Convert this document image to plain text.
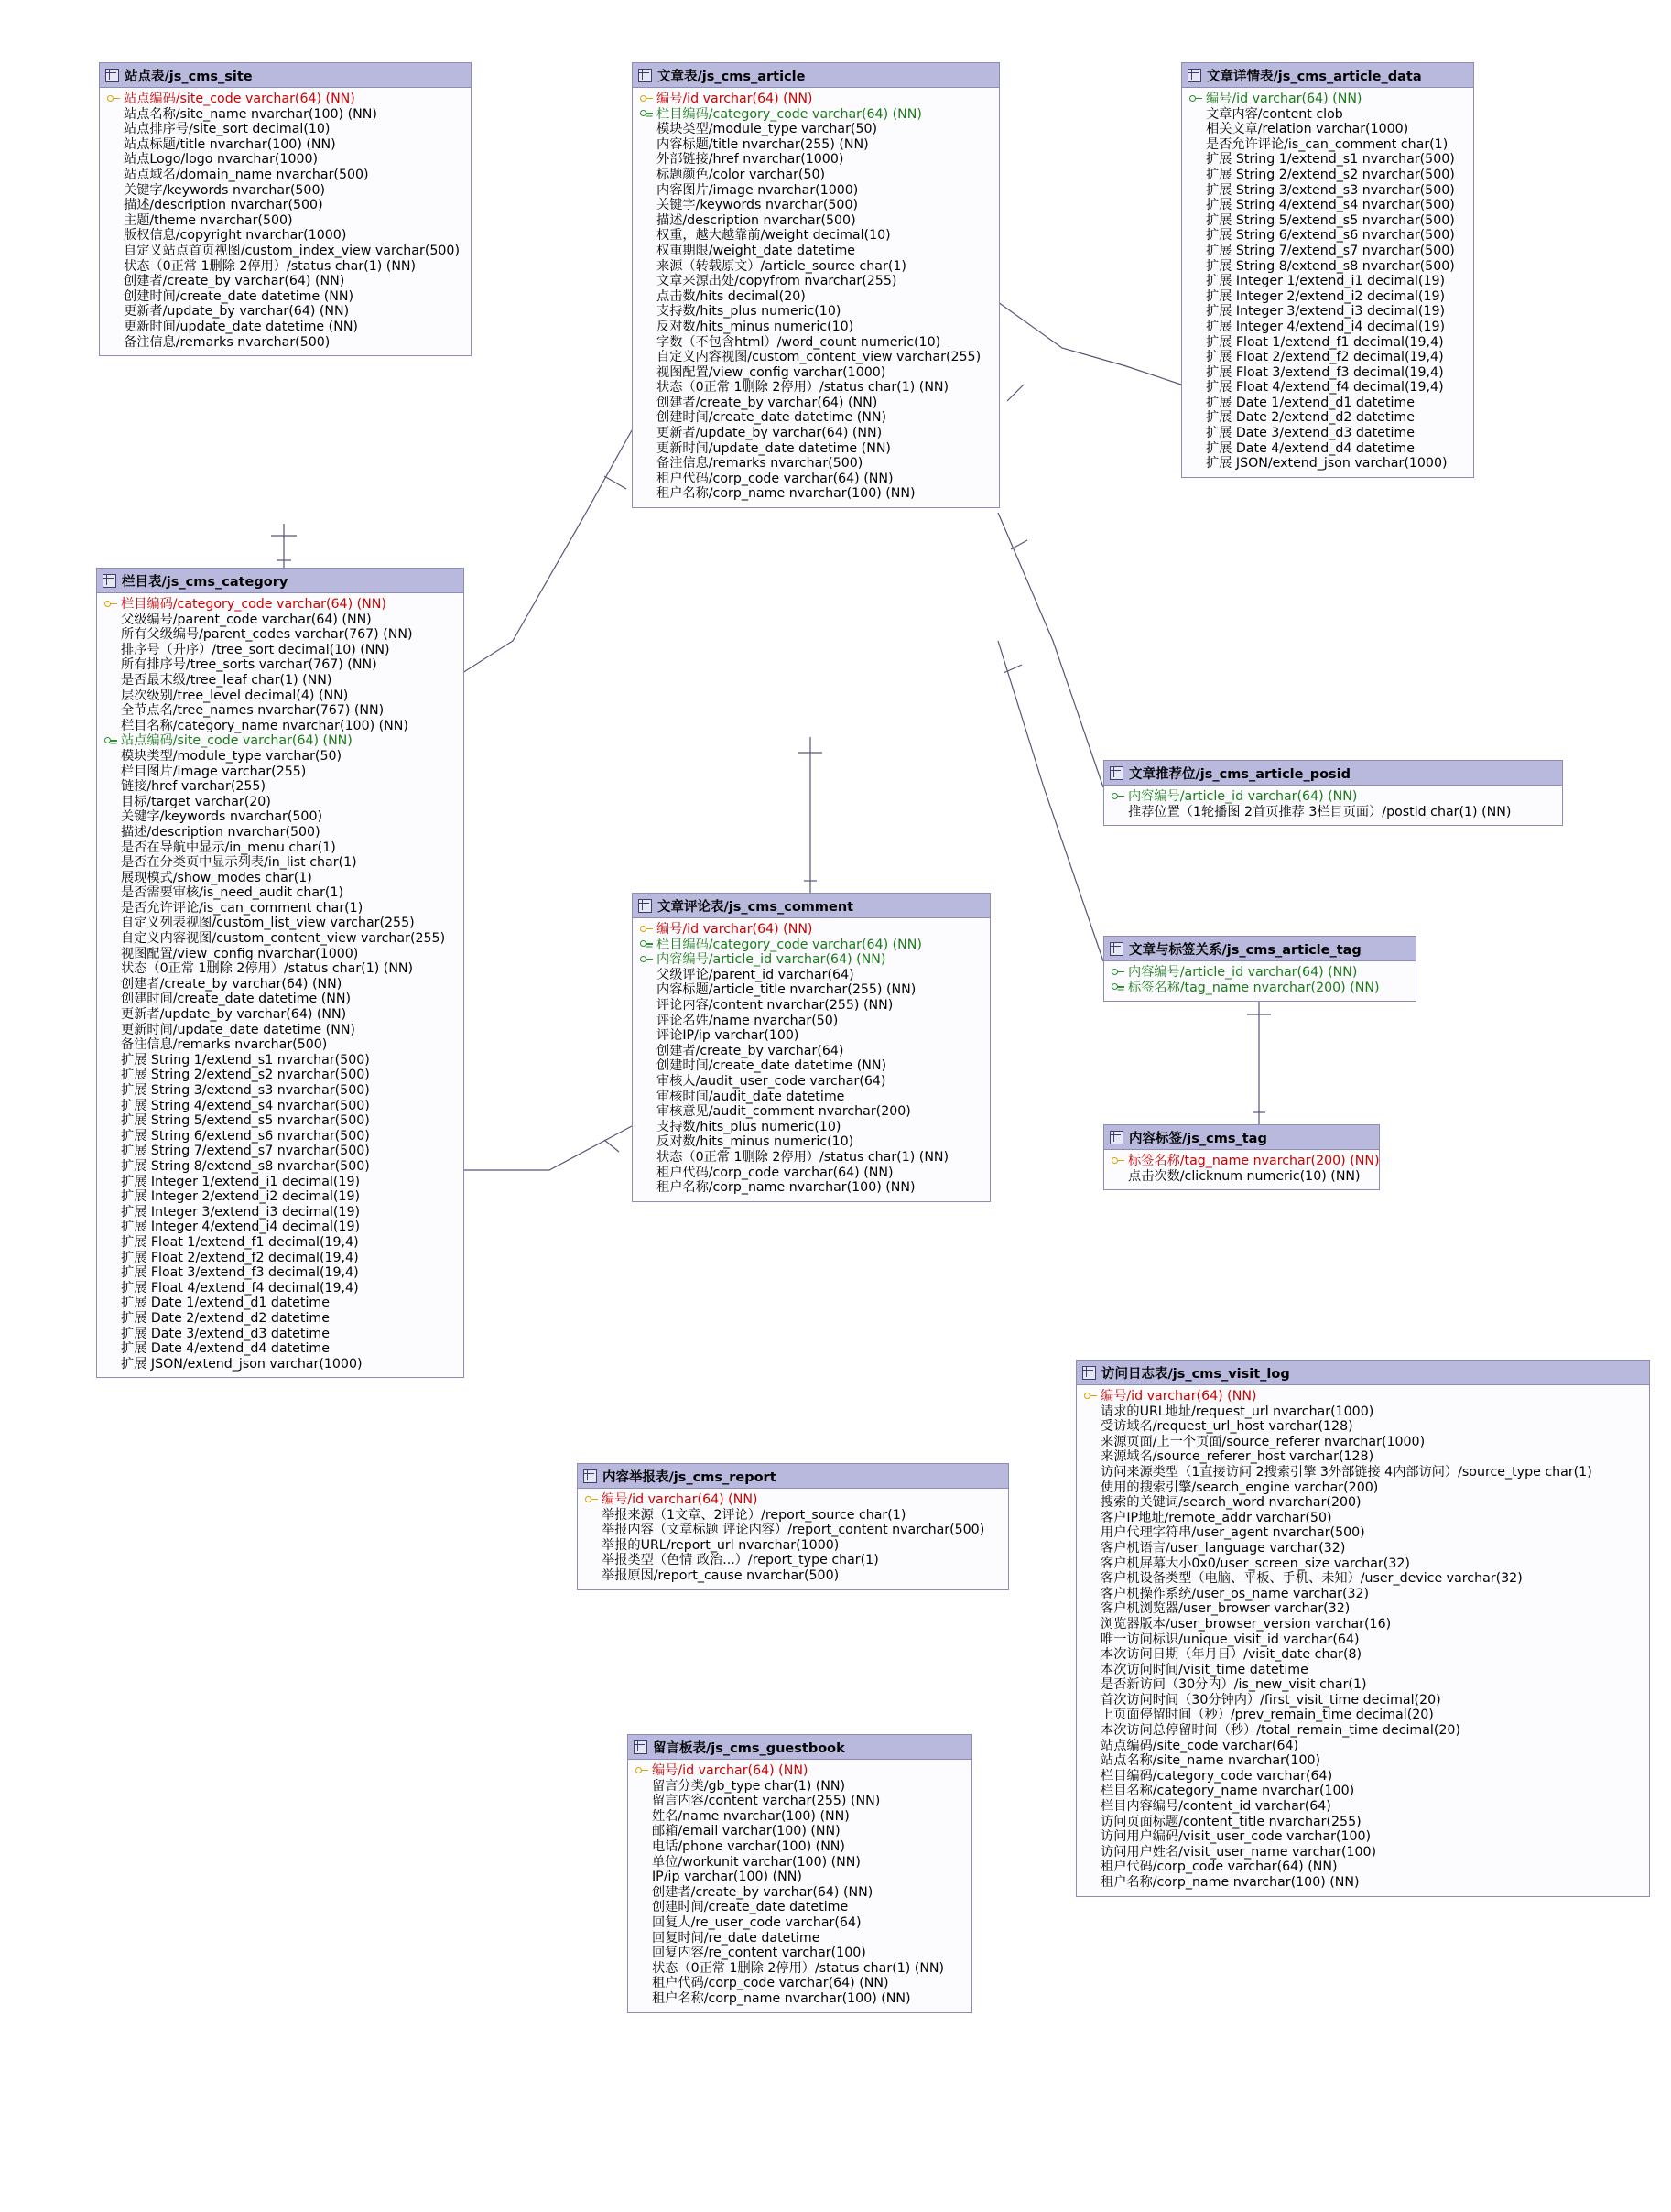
站点表/js_cms_site
站点编码/site_code varchar(64) (NN)
站点名称/site_name nvarchar(100) (NN)
站点排序号/site_sort decimal(10)
站点标题/title nvarchar(100) (NN)
站点Logo/logo nvarchar(1000)
站点域名/domain_name nvarchar(500)
关键字/keywords nvarchar(500)
描述/description nvarchar(500)
主题/theme nvarchar(500)
版权信息/copyright nvarchar(1000)
自定义站点首页视图/custom_index_view varchar(500)
状态（0正常 1删除 2停用）/status char(1) (NN)
创建者/create_by varchar(64) (NN)
创建时间/create_date datetime (NN)
更新者/update_by varchar(64) (NN)
更新时间/update_date datetime (NN)
备注信息/remarks nvarchar(500)
栏目表/js_cms_category
栏目编码/category_code varchar(64) (NN)
父级编号/parent_code varchar(64) (NN)
所有父级编号/parent_codes varchar(767) (NN)
排序号（升序）/tree_sort decimal(10) (NN)
所有排序号/tree_sorts varchar(767) (NN)
是否最末级/tree_leaf char(1) (NN)
层次级别/tree_level decimal(4) (NN)
全节点名/tree_names nvarchar(767) (NN)
栏目名称/category_name nvarchar(100) (NN)
站点编码/site_code varchar(64) (NN)
模块类型/module_type varchar(50)
栏目图片/image varchar(255)
链接/href varchar(255)
目标/target varchar(20)
关键字/keywords nvarchar(500)
描述/description nvarchar(500)
是否在导航中显示/in_menu char(1)
是否在分类页中显示列表/in_list char(1)
展现模式/show_modes char(1)
是否需要审核/is_need_audit char(1)
是否允许评论/is_can_comment char(1)
自定义列表视图/custom_list_view varchar(255)
自定义内容视图/custom_content_view varchar(255)
视图配置/view_config nvarchar(1000)
状态（0正常 1删除 2停用）/status char(1) (NN)
创建者/create_by varchar(64) (NN)
创建时间/create_date datetime (NN)
更新者/update_by varchar(64) (NN)
更新时间/update_date datetime (NN)
备注信息/remarks nvarchar(500)
扩展 String 1/extend_s1 nvarchar(500)
扩展 String 2/extend_s2 nvarchar(500)
扩展 String 3/extend_s3 nvarchar(500)
扩展 String 4/extend_s4 nvarchar(500)
扩展 String 5/extend_s5 nvarchar(500)
扩展 String 6/extend_s6 nvarchar(500)
扩展 String 7/extend_s7 nvarchar(500)
扩展 String 8/extend_s8 nvarchar(500)
扩展 Integer 1/extend_i1 decimal(19)
扩展 Integer 2/extend_i2 decimal(19)
扩展 Integer 3/extend_i3 decimal(19)
扩展 Integer 4/extend_i4 decimal(19)
扩展 Float 1/extend_f1 decimal(19,4)
扩展 Float 2/extend_f2 decimal(19,4)
扩展 Float 3/extend_f3 decimal(19,4)
扩展 Float 4/extend_f4 decimal(19,4)
扩展 Date 1/extend_d1 datetime
扩展 Date 2/extend_d2 datetime
扩展 Date 3/extend_d3 datetime
扩展 Date 4/extend_d4 datetime
扩展 JSON/extend_json varchar(1000)
文章表/js_cms_article
编号/id varchar(64) (NN)
栏目编码/category_code varchar(64) (NN)
模块类型/module_type varchar(50)
内容标题/title nvarchar(255) (NN)
外部链接/href nvarchar(1000)
标题颜色/color varchar(50)
内容图片/image nvarchar(1000)
关键字/keywords nvarchar(500)
描述/description nvarchar(500)
权重，越大越靠前/weight decimal(10)
权重期限/weight_date datetime
来源（转载原文）/article_source char(1)
文章来源出处/copyfrom nvarchar(255)
点击数/hits decimal(20)
支持数/hits_plus numeric(10)
反对数/hits_minus numeric(10)
字数（不包含html）/word_count numeric(10)
自定义内容视图/custom_content_view varchar(255)
视图配置/view_config varchar(1000)
状态（0正常 1删除 2停用）/status char(1) (NN)
创建者/create_by varchar(64) (NN)
创建时间/create_date datetime (NN)
更新者/update_by varchar(64) (NN)
更新时间/update_date datetime (NN)
备注信息/remarks nvarchar(500)
租户代码/corp_code varchar(64) (NN)
租户名称/corp_name nvarchar(100) (NN)
文章详情表/js_cms_article_data
编号/id varchar(64) (NN)
文章内容/content clob
相关文章/relation varchar(1000)
是否允许评论/is_can_comment char(1)
扩展 String 1/extend_s1 nvarchar(500)
扩展 String 2/extend_s2 nvarchar(500)
扩展 String 3/extend_s3 nvarchar(500)
扩展 String 4/extend_s4 nvarchar(500)
扩展 String 5/extend_s5 nvarchar(500)
扩展 String 6/extend_s6 nvarchar(500)
扩展 String 7/extend_s7 nvarchar(500)
扩展 String 8/extend_s8 nvarchar(500)
扩展 Integer 1/extend_i1 decimal(19)
扩展 Integer 2/extend_i2 decimal(19)
扩展 Integer 3/extend_i3 decimal(19)
扩展 Integer 4/extend_i4 decimal(19)
扩展 Float 1/extend_f1 decimal(19,4)
扩展 Float 2/extend_f2 decimal(19,4)
扩展 Float 3/extend_f3 decimal(19,4)
扩展 Float 4/extend_f4 decimal(19,4)
扩展 Date 1/extend_d1 datetime
扩展 Date 2/extend_d2 datetime
扩展 Date 3/extend_d3 datetime
扩展 Date 4/extend_d4 datetime
扩展 JSON/extend_json varchar(1000)
文章推荐位/js_cms_article_posid
内容编号/article_id varchar(64) (NN)
推荐位置（1轮播图 2首页推荐 3栏目页面）/postid char(1) (NN)
文章与标签关系/js_cms_article_tag
内容编号/article_id varchar(64) (NN)
标签名称/tag_name nvarchar(200) (NN)
内容标签/js_cms_tag
标签名称/tag_name nvarchar(200) (NN)
点击次数/clicknum numeric(10) (NN)
文章评论表/js_cms_comment
编号/id varchar(64) (NN)
栏目编码/category_code varchar(64) (NN)
内容编号/article_id varchar(64) (NN)
父级评论/parent_id varchar(64)
内容标题/article_title nvarchar(255) (NN)
评论内容/content nvarchar(255) (NN)
评论名姓/name nvarchar(50)
评论IP/ip varchar(100)
创建者/create_by varchar(64)
创建时间/create_date datetime (NN)
审核人/audit_user_code varchar(64)
审核时间/audit_date datetime
审核意见/audit_comment nvarchar(200)
支持数/hits_plus numeric(10)
反对数/hits_minus numeric(10)
状态（0正常 1删除 2停用）/status char(1) (NN)
租户代码/corp_code varchar(64) (NN)
租户名称/corp_name nvarchar(100) (NN)
内容举报表/js_cms_report
编号/id varchar(64) (NN)
举报来源（1文章、2评论）/report_source char(1)
举报内容（文章标题 评论内容）/report_content nvarchar(500)
举报的URL/report_url nvarchar(1000)
举报类型（色情 政治...）/report_type char(1)
举报原因/report_cause nvarchar(500)
留言板表/js_cms_guestbook
编号/id varchar(64) (NN)
留言分类/gb_type char(1) (NN)
留言内容/content varchar(255) (NN)
姓名/name nvarchar(100) (NN)
邮箱/email varchar(100) (NN)
电话/phone varchar(100) (NN)
单位/workunit varchar(100) (NN)
IP/ip varchar(100) (NN)
创建者/create_by varchar(64) (NN)
创建时间/create_date datetime
回复人/re_user_code varchar(64)
回复时间/re_date datetime
回复内容/re_content varchar(100)
状态（0正常 1删除 2停用）/status char(1) (NN)
租户代码/corp_code varchar(64) (NN)
租户名称/corp_name nvarchar(100) (NN)
访问日志表/js_cms_visit_log
编号/id varchar(64) (NN)
请求的URL地址/request_url nvarchar(1000)
受访域名/request_url_host varchar(128)
来源页面/上一个页面/source_referer nvarchar(1000)
来源域名/source_referer_host varchar(128)
访问来源类型（1直接访问 2搜索引擎 3外部链接 4内部访问）/source_type char(1)
使用的搜索引擎/search_engine varchar(200)
搜索的关键词/search_word nvarchar(200)
客户IP地址/remote_addr varchar(50)
用户代理字符串/user_agent nvarchar(500)
客户机语言/user_language varchar(32)
客户机屏幕大小0x0/user_screen_size varchar(32)
客户机设备类型（电脑、平板、手机、未知）/user_device varchar(32)
客户机操作系统/user_os_name varchar(32)
客户机浏览器/user_browser varchar(32)
浏览器版本/user_browser_version varchar(16)
唯一访问标识/unique_visit_id varchar(64)
本次访问日期（年月日）/visit_date char(8)
本次访问时间/visit_time datetime
是否新访问（30分内）/is_new_visit char(1)
首次访问时间（30分钟内）/first_visit_time decimal(20)
上页面停留时间（秒）/prev_remain_time decimal(20)
本次访问总停留时间（秒）/total_remain_time decimal(20)
站点编码/site_code varchar(64)
站点名称/site_name nvarchar(100)
栏目编码/category_code varchar(64)
栏目名称/category_name nvarchar(100)
栏目内容编号/content_id varchar(64)
访问页面标题/content_title nvarchar(255)
访问用户编码/visit_user_code varchar(100)
访问用户姓名/visit_user_name varchar(100)
租户代码/corp_code varchar(64) (NN)
租户名称/corp_name nvarchar(100) (NN)
